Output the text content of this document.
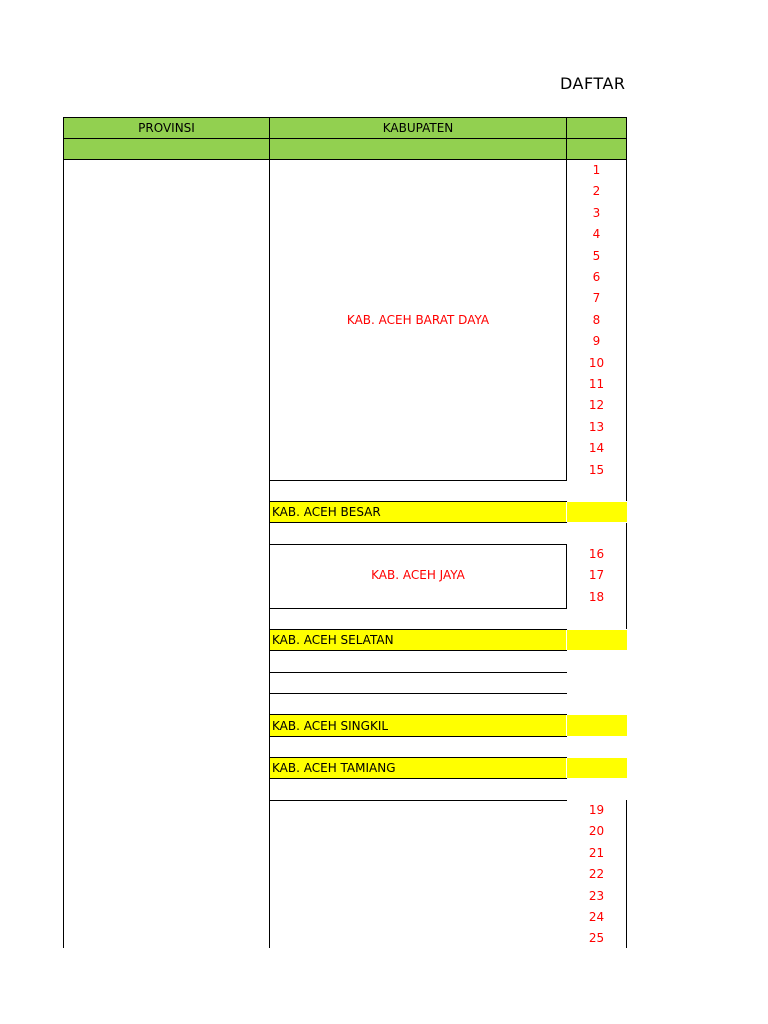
DAFTAR
PROVINSI	KABUPATEN
KAB. ACEH BARAT DAYA
KAB. ACEH BESAR
KAB. ACEH JAYA
KAB. ACEH SELATAN
KAB. ACEH SINGKIL
KAB. ACEH TAMIANG
1
2
3
4
5
6
7
8
9
10
11
12
13
14
15
16
17
18
19
20
21
22
23
24
25
